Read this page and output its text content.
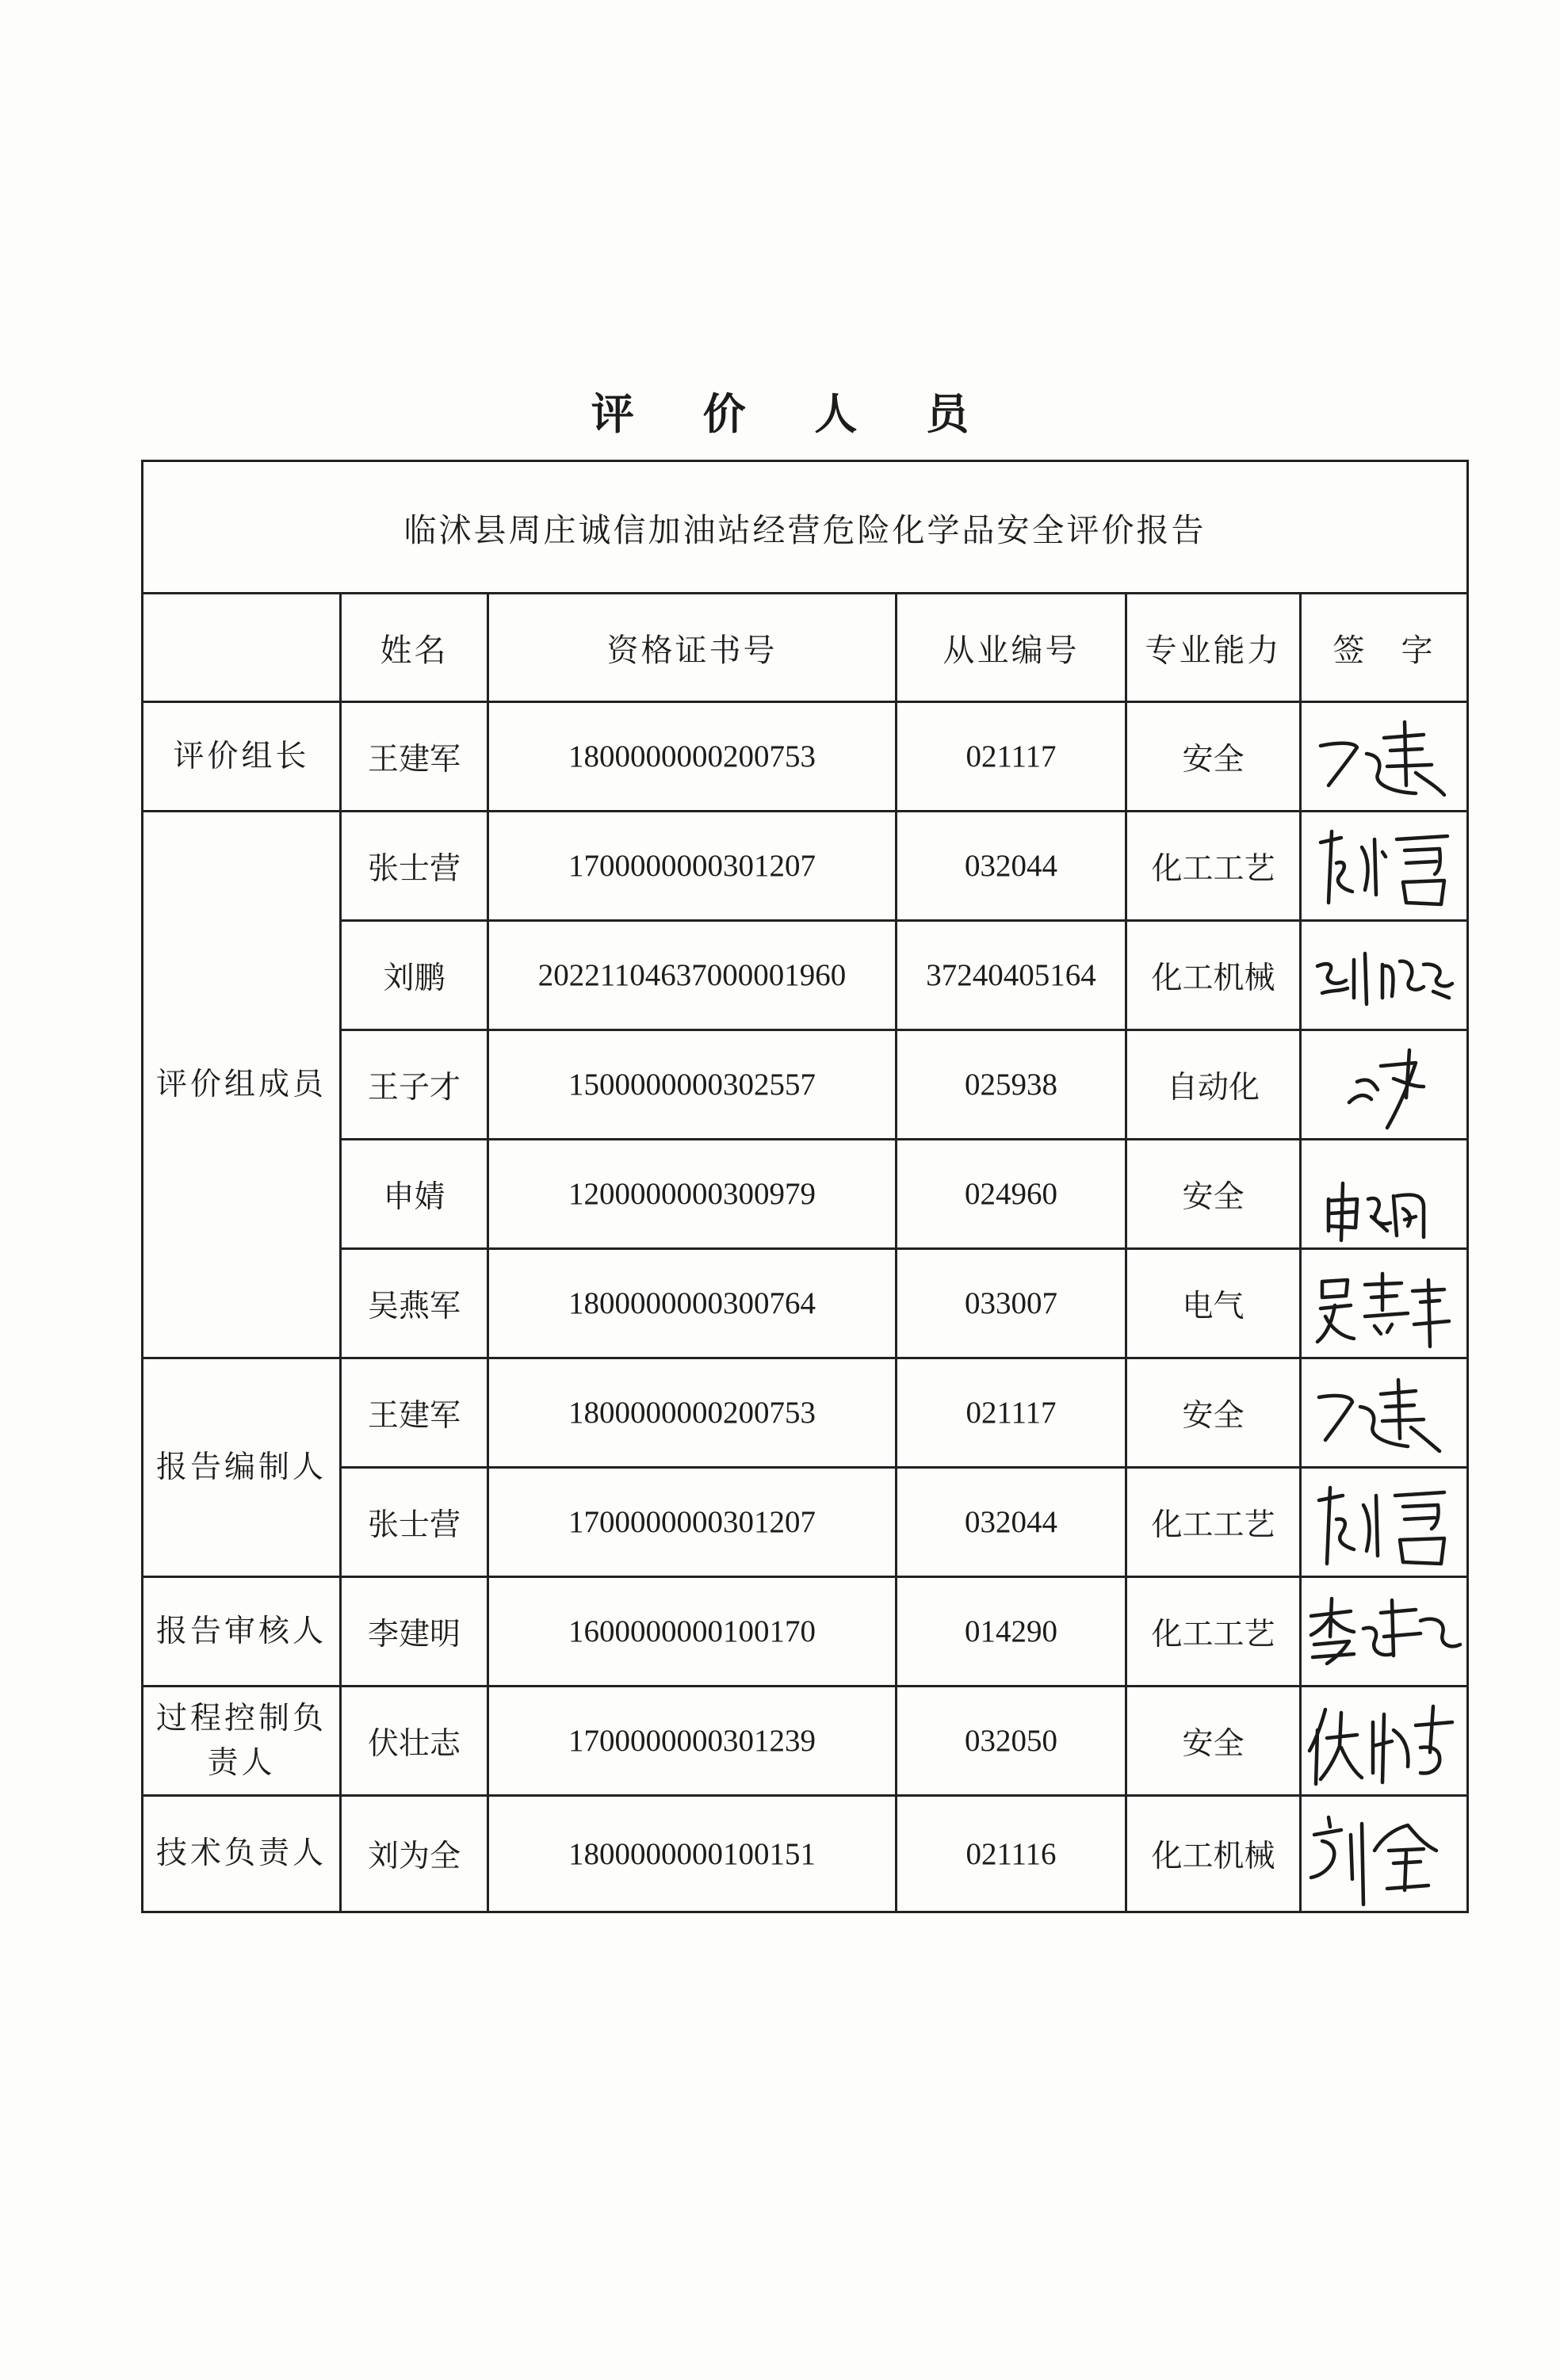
评 价 人 员
临沭县周庄诚信加油站经营危险化学品安全评价报告					
	姓名	资格证书号	从业编号	专业能力	签　字
评价组长	王建军	1800000000200753	021117	安全	

评价组成员	张士营	1700000000301207	032044	化工工艺	

	刘鹏	20221104637000001960	37240405164	化工机械	

	王子才	1500000000302557	025938	自动化	

	申婧	1200000000300979	024960	安全	

	吴燕军	1800000000300764	033007	电气	

报告编制人	王建军	1800000000200753	021117	安全	

	张士营	1700000000301207	032044	化工工艺	

报告审核人	李建明	1600000000100170	014290	化工工艺	

过程控制负责人	伏壮志	1700000000301239	032050	安全	

技术负责人	刘为全	1800000000100151	021116	化工机械	
